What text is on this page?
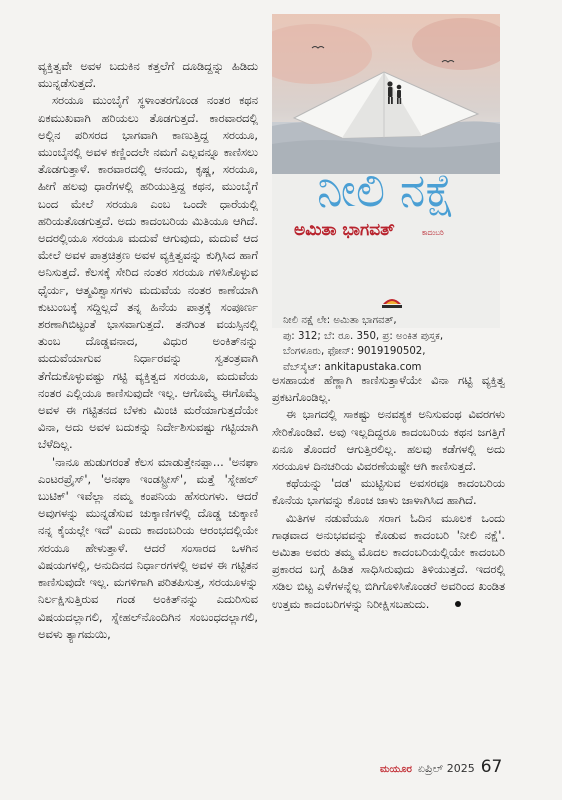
ವ್ಯಕ್ತಿತ್ವವೇ ಅವಳ ಬದುಕಿನ ಕತ್ತಲೆಗೆ ದೂಡಿದ್ದನ್ನು ಹಿಡಿದು ಮುನ್ನಡೆಸುತ್ತದೆ.

ಸರಯೂ ಮುಂಬೈಗೆ ಸ್ಥಳಾಂತರಗೊಂಡ ನಂತರ ಕಥನ ಏಕಮುಖವಾಗಿ ಹರಿಯಲು ತೊಡಗುತ್ತದೆ. ಕಾರವಾರದಲ್ಲಿ ಅಲ್ಲಿನ ಪರಿಸರದ ಭಾಗವಾಗಿ ಕಾಣುತ್ತಿದ್ದ ಸರಯೂ, ಮುಂಬೈನಲ್ಲಿ ಅವಳ ಕಣ್ಣಿಂದಲೇ ನಮಗೆ ಎಲ್ಲವನ್ನೂ ಕಾಣಿಸಲು ತೊಡಗುತ್ತಾಳೆ. ಕಾರವಾರದಲ್ಲಿ ಆನಂದು, ಕೃಷ್ಣ, ಸರಯೂ, ಹೀಗೆ ಹಲವು ಧಾರೆಗಳಲ್ಲಿ ಹರಿಯುತ್ತಿದ್ದ ಕಥನ, ಮುಂಬೈಗೆ ಬಂದ ಮೇಲೆ ಸರಯೂ ಎಂಬ ಒಂದೇ ಧಾರೆಯಲ್ಲಿ ಹರಿಯತೊಡಗುತ್ತದೆ. ಅದು ಕಾದಂಬರಿಯ ಮಿತಿಯೂ ಆಗಿದೆ. ಅದರಲ್ಲಿಯೂ ಸರಯೂ ಮದುವೆ ಆಗುವುದು, ಮದುವೆ ಆದ ಮೇಲೆ ಅವಳ ಪಾತ್ರಚಿತ್ರಣ ಅವಳ ವ್ಯಕ್ತಿತ್ವವನ್ನು ಕುಗ್ಗಿಸಿದ ಹಾಗೆ ಅನಿಸುತ್ತದೆ. ಕೆಲಸಕ್ಕೆ ಸೇರಿದ ನಂತರ ಸರಯೂ ಗಳಿಸಿಕೊಳ್ಳುವ ಧೈರ್ಯ, ಆತ್ಮವಿಶ್ವಾಸಗಳು ಮದುವೆಯ ನಂತರ ಕಾಣೆಯಾಗಿ ಕುಟುಂಬಕ್ಕೆ ಸದ್ದಿಲ್ಲದೆ ತನ್ನ ಹಿನೆಯ ಪಾತ್ರಕ್ಕೆ ಸಂಪೂರ್ಣ ಶರಣಾಗಿಬಿಟ್ಟಂತೆ ಭಾಸವಾಗುತ್ತದೆ. ತನಗಿಂತ ವಯಸ್ಸಿನಲ್ಲಿ ತುಂಬ ದೊಡ್ಡವನಾದ, ವಿಧುರ ಅಂಕಿತ್‌ನನ್ನು ಮದುವೆಯಾಗುವ ನಿರ್ಧಾರವನ್ನು ಸ್ವತಂತ್ರವಾಗಿ ತೆಗೆದುಕೊಳ್ಳುವಷ್ಟು ಗಟ್ಟಿ ವ್ಯಕ್ತಿತ್ವದ ಸರಯೂ, ಮದುವೆಯ ನಂತರ ಎಲ್ಲಿಯೂ ಕಾಣಿಸುವುದೇ ಇಲ್ಲ. ಆಗೊಮ್ಮೆ ಈಗೊಮ್ಮೆ ಅವಳ ಈ ಗಟ್ಟಿತನದ ಬೆಳಕು ಮಿಂಚಿ ಮರೆಯಾಗುತ್ತದೆಯೇ ವಿನಾ, ಅದು ಅವಳ ಬದುಕನ್ನು ನಿರ್ದೇಶಿಸುವಷ್ಟು ಗಟ್ಟಿಯಾಗಿ ಬೆಳೆದಿಲ್ಲ.

'ನಾನೂ ಹುಡುಗರಂತೆ ಕೆಲಸ ಮಾಡುತ್ತೇನಪ್ಪಾ... 'ಅನಘಾ ಎಂಟರಪ್ರೈಸ್', 'ಅನಘಾ ಇಂಡಸ್ಟ್ರೀಸ್', ಮತ್ತೆ 'ಸ್ನೇಹಲ್ ಬುಟಿಕ್' ಇವೆಲ್ಲಾ ನಮ್ಮ ಕಂಪನಿಯ ಹೆಸರುಗಳು. ಆದರೆ ಅವುಗಳನ್ನು ಮುನ್ನಡೆಸುವ ಚುಕ್ಕಾಣಿಗಳಲ್ಲಿ ದೊಡ್ಡ ಚುಕ್ಕಾಣಿ ನನ್ನ ಕೈಯಲ್ಲೇ ಇದೆ' ಎಂದು ಕಾದಂಬರಿಯ ಆರಂಭದಲ್ಲಿಯೇ ಸರಯೂ ಹೇಳುತ್ತಾಳೆ. ಆದರೆ ಸಂಸಾರದ ಒಳಗಿನ ವಿಷಯಗಳಲ್ಲಿ, ಅನುದಿನದ ನಿರ್ಧಾರಗಳಲ್ಲಿ ಅವಳ ಈ ಗಟ್ಟಿತನ ಕಾಣಿಸುವುದೇ ಇಲ್ಲ. ಮಗಳಿಗಾಗಿ ಪರಿತಪಿಸುತ್ತ, ಸರಯೂಳನ್ನು ನಿರ್ಲಕ್ಷಿಸುತ್ತಿರುವ ಗಂಡ ಅಂಕಿತ್‌ನನ್ನು ಎದುರಿಸುವ ವಿಷಯದಲ್ಲಾಗಲಿ, ಸ್ನೇಹಲ್‌ನೊಂದಿಗಿನ ಸಂಬಂಧದಲ್ಲಾಗಲಿ, ಅವಳು ತ್ಯಾಗಮಯಿ,

ನೀಲಿ ನಕ್ಷೆ
ಅಮಿತಾ ಭಾಗವತ್	ಕಾದಂಬರಿ
ನೀಲಿ ನಕ್ಷೆ ಲೇ: ಅಮಿತಾ ಭಾಗವತ್,
ಪು: 312; ಬೆ: ರೂ. 350, ಪ್ರ: ಅಂಕಿತ ಪುಸ್ತಕ,
ಬೆಂಗಳೂರು, ಫೋನ್: 9019190502,
ವೆಬ್‌ಸೈಟ್: ankitapustaka.com

ಅಸಹಾಯಕ ಹೆಣ್ಣಾಗಿ ಕಾಣಿಸುತ್ತಾಳೆಯೇ ವಿನಾ ಗಟ್ಟಿ ವ್ಯಕ್ತಿತ್ವ ಪ್ರಕಟಗೊಂಡಿಲ್ಲ.

ಈ ಭಾಗದಲ್ಲಿ ಸಾಕಷ್ಟು ಅನವಶ್ಯಕ ಅನಿಸುವಂಥ ವಿವರಗಳು ಸೇರಿಕೊಂಡಿವೆ. ಅವು ಇಲ್ಲದಿದ್ದರೂ ಕಾದಂಬರಿಯ ಕಥನ ಜಗತ್ತಿಗೆ ಏನೂ ತೊಂದರೆ ಆಗುತ್ತಿರಲಿಲ್ಲ. ಹಲವು ಕಡೆಗಳಲ್ಲಿ ಅದು ಸರಯೂಳ ದಿನಚರಿಯ ವಿವರಣೆಯಷ್ಟೇ ಆಗಿ ಕಾಣಿಸುತ್ತದೆ.

ಕಥೆಯನ್ನು 'ದಡ' ಮುಟ್ಟಿಸುವ ಅವಸರವೂ ಕಾದಂಬರಿಯ ಕೊನೆಯ ಭಾಗವನ್ನು ಕೊಂಚ ಜಾಳು ಜಾಳಾಗಿಸಿದ ಹಾಗಿದೆ.

ಮಿತಿಗಳ ನಡುವೆಯೂ ಸರಾಗ ಓದಿನ ಮೂಲಕ ಒಂದು ಗಾಢವಾದ ಅನುಭವವನ್ನು ಕೊಡುವ ಕಾದಂಬರಿ 'ನೀಲಿ ನಕ್ಷೆ'. ಅಮಿತಾ ಅವರು ತಮ್ಮ ಮೊದಲ ಕಾದಂಬರಿಯಲ್ಲಿಯೇ ಕಾದಂಬರಿ ಪ್ರಕಾರದ ಬಗ್ಗೆ ಹಿಡಿತ ಸಾಧಿಸಿರುವುದು ತಿಳಿಯುತ್ತದೆ. ಇದರಲ್ಲಿ ಸಡಿಲ ಬಿಟ್ಟ ಎಳೆಗಳನ್ನೆಲ್ಲ ಬಿಗಿಗೊಳಿಸಿಕೊಂಡರೆ ಅವರಿಂದ ಖಂಡಿತ ಉತ್ತಮ ಕಾದಂಬರಿಗಳನ್ನು ನಿರೀಕ್ಷಿಸಬಹುದು.

ಮಯೂರ ಏಪ್ರಿಲ್ 2025 67
